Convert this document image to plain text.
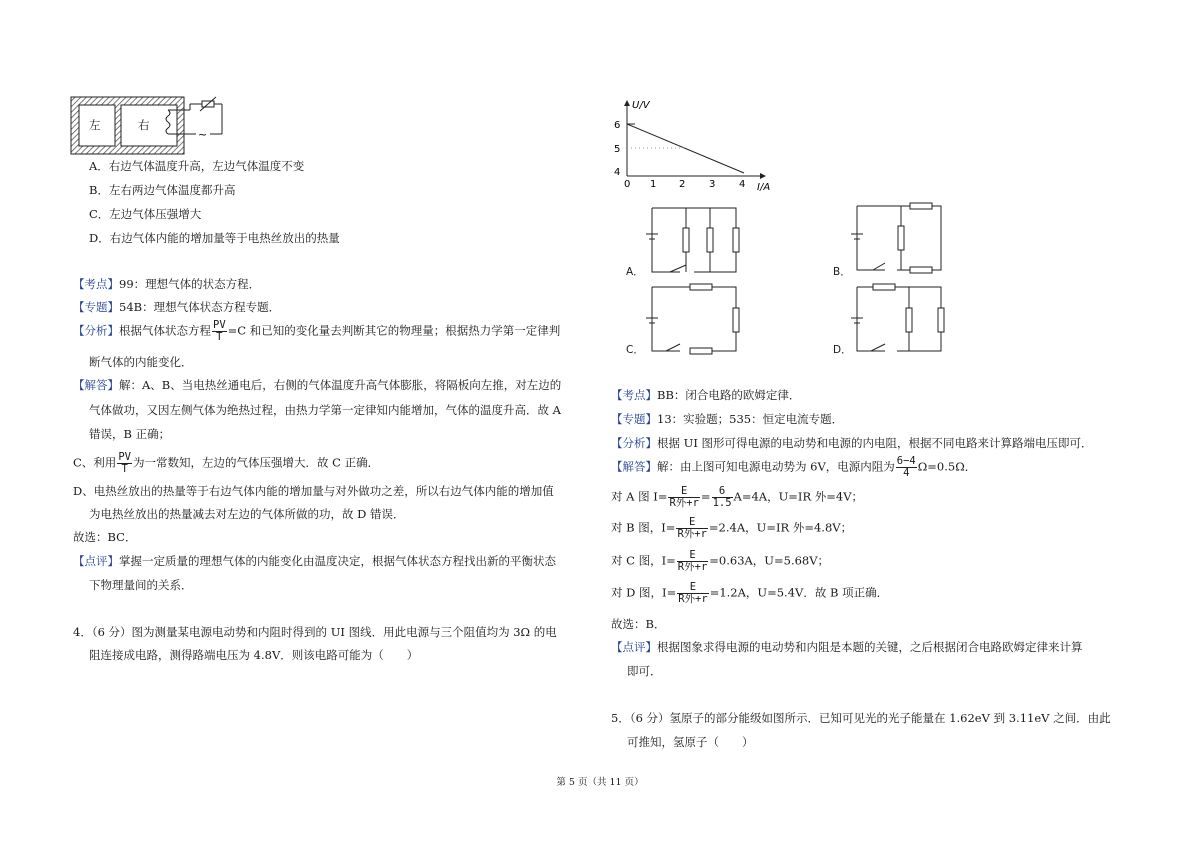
~
左	右
A．右边气体温度升高，左边气体温度不变
B．左右两边气体温度都升高
C．左边气体压强增大
D．右边气体内能的增加量等于电热丝放出的热量
【考点】99：理想气体的状态方程．
【专题】54B：理想气体状态方程专题．
【分析】根据气体状态方程 $\frac{PV}{T} =C$ 和已知的变化量去判断其它的物理量；根据热力学第一定律判
断气体的内能变化．
【解答】解：A、B、当电热丝通电后，右侧的气体温度升高气体膨胀，将隔板向左推，对左边的
气体做功，又因左侧气体为绝热过程，由热力学第一定律知内能增加，气体的温度升高．故 A
错误，B 正确；
C、利用 $\frac{PV}{T}$ 为一常数知，左边的气体压强增大．故 C 正确．
D、电热丝放出的热量等于右边气体内能的增加量与对外做功之差，所以右边气体内能的增加值
为电热丝放出的热量减去对左边的气体所做的功，故 D 错误．
故选：BC．
【点评】掌握一定质量的理想气体的内能变化由温度决定，根据气体状态方程找出新的平衡状态
下物理量间的关系．
4．（6 分）图为测量某电源电动势和内阻时得到的 U﻿﻿I 图线．用此电源与三个阻值均为 3Ω 的电
阻连接成电路，测得路端电压为 4.8V．则该电路可能为（　　）
U/V
I/A
6
5
4
0 1 2 3 4
A．	B．
C．	D．
【考点】BB：闭合电路的欧姆定律．
【专题】13：实验题；535：恒定电流专题．
【分析】根据 U﻿﻿I 图形可得电源的电动势和电源的内电阻，根据不同电路来计算路端电压即可．
【解答】解：由上图可知电源电动势为 6V，电源内阻为 $\frac{6-4}{4} \Omega=0.5\Omega$．
对 A 图 $I= \frac{E}{\text{R外+r}} = \frac{6}{1.5} A=4A$，U=IR 外=4V；
对 B 图，$I= \frac{E}{\text{R外+r}} =2.4A$，U=IR 外=4.8V；
对 C 图，$I= \frac{E}{\text{R外+r}} =0.63A$，U=5.68V；
对 D 图，$I= \frac{E}{\text{R外+r}} =1.2A$，U=5.4V．故 B 项正确．
故选：B．
【点评】根据图象求得电源的电动势和内阻是本题的关键，之后根据闭合电路欧姆定律来计算
即可．
5．（6 分）氢原子的部分能级如图所示．已知可见光的光子能量在 1.62eV 到 3.11eV 之间．由此
可推知，氢原子（　　）
第 5 页（共 11 页）
